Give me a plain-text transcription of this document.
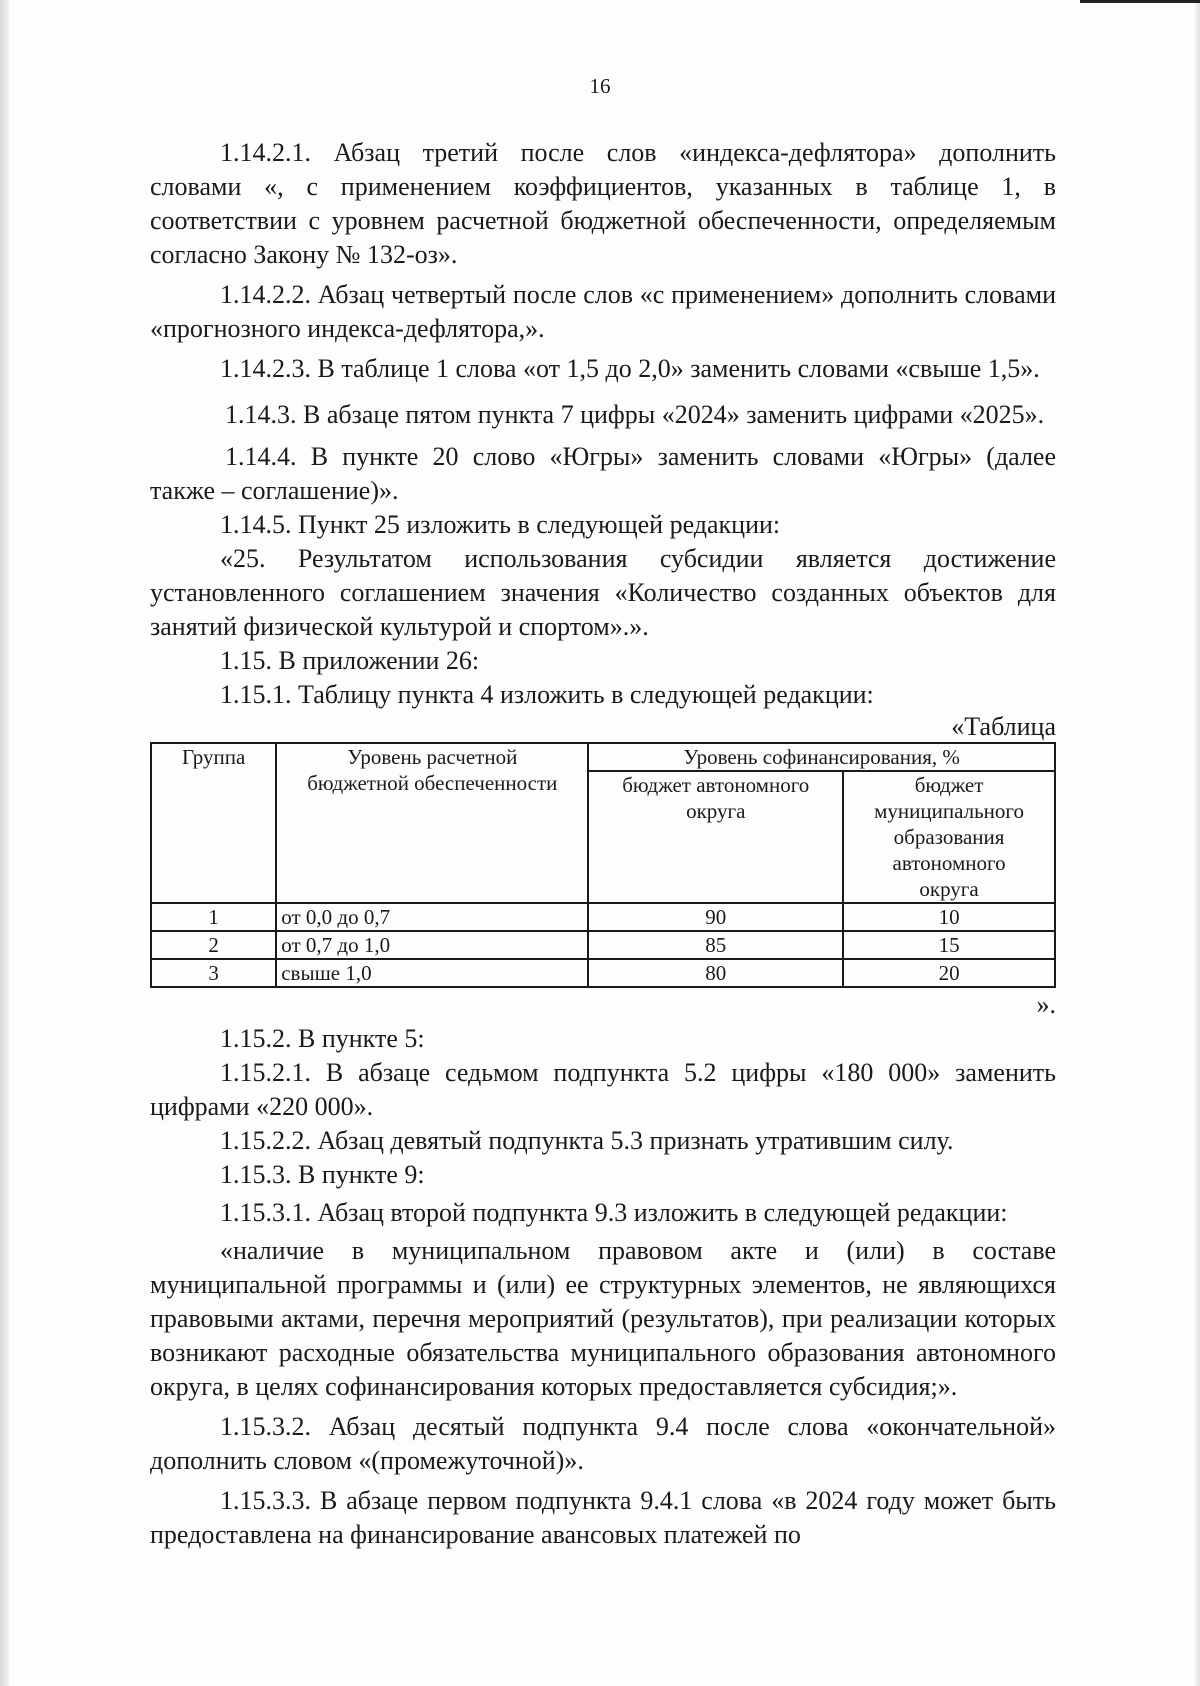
16

1.14.2.1. Абзац третий после слов «индекса-дефлятора» дополнить словами «, с применением коэффициентов, указанных в таблице 1, в соответствии с уровнем расчетной бюджетной обеспеченности, определяемым согласно Закону № 132-оз».

1.14.2.2. Абзац четвертый после слов «с применением» дополнить словами «прогнозного индекса-дефлятора,».

1.14.2.3. В таблице 1 слова «от 1,5 до 2,0» заменить словами «свыше 1,5».

1.14.3. В абзаце пятом пункта 7 цифры «2024» заменить цифрами «2025».

1.14.4. В пункте 20 слово «Югры» заменить словами «Югры» (далее также – соглашение)».

1.14.5. Пункт 25 изложить в следующей редакции:

«25. Результатом использования субсидии является достижение установленного соглашением значения «Количество созданных объектов для занятий физической культурой и спортом».».

1.15. В приложении 26:

1.15.1. Таблицу пункта 4 изложить в следующей редакции:

«Таблица
Группа	Уровень расчетной бюджетной обеспеченности	Уровень софинансирования, %	
		бюджет автономного округа	бюджет муниципального образования автономного округа
1	от 0,0 до 0,7	90	10
2	от 0,7 до 1,0	85	15
3	свыше 1,0	80	20
».

1.15.2. В пункте 5:

1.15.2.1. В абзаце седьмом подпункта 5.2 цифры «180 000» заменить цифрами «220 000».

1.15.2.2. Абзац девятый подпункта 5.3 признать утратившим силу.

1.15.3. В пункте 9:

1.15.3.1. Абзац второй подпункта 9.3 изложить в следующей редакции:

«наличие в муниципальном правовом акте и (или) в составе муниципальной программы и (или) ее структурных элементов, не являющихся правовыми актами, перечня мероприятий (результатов), при реализации которых возникают расходные обязательства муниципального образования автономного округа, в целях софинансирования которых предоставляется субсидия;».

1.15.3.2. Абзац десятый подпункта 9.4 после слова «окончательной» дополнить словом «(промежуточной)».

1.15.3.3. В абзаце первом подпункта 9.4.1 слова «в 2024 году может быть предоставлена на финансирование авансовых платежей по
